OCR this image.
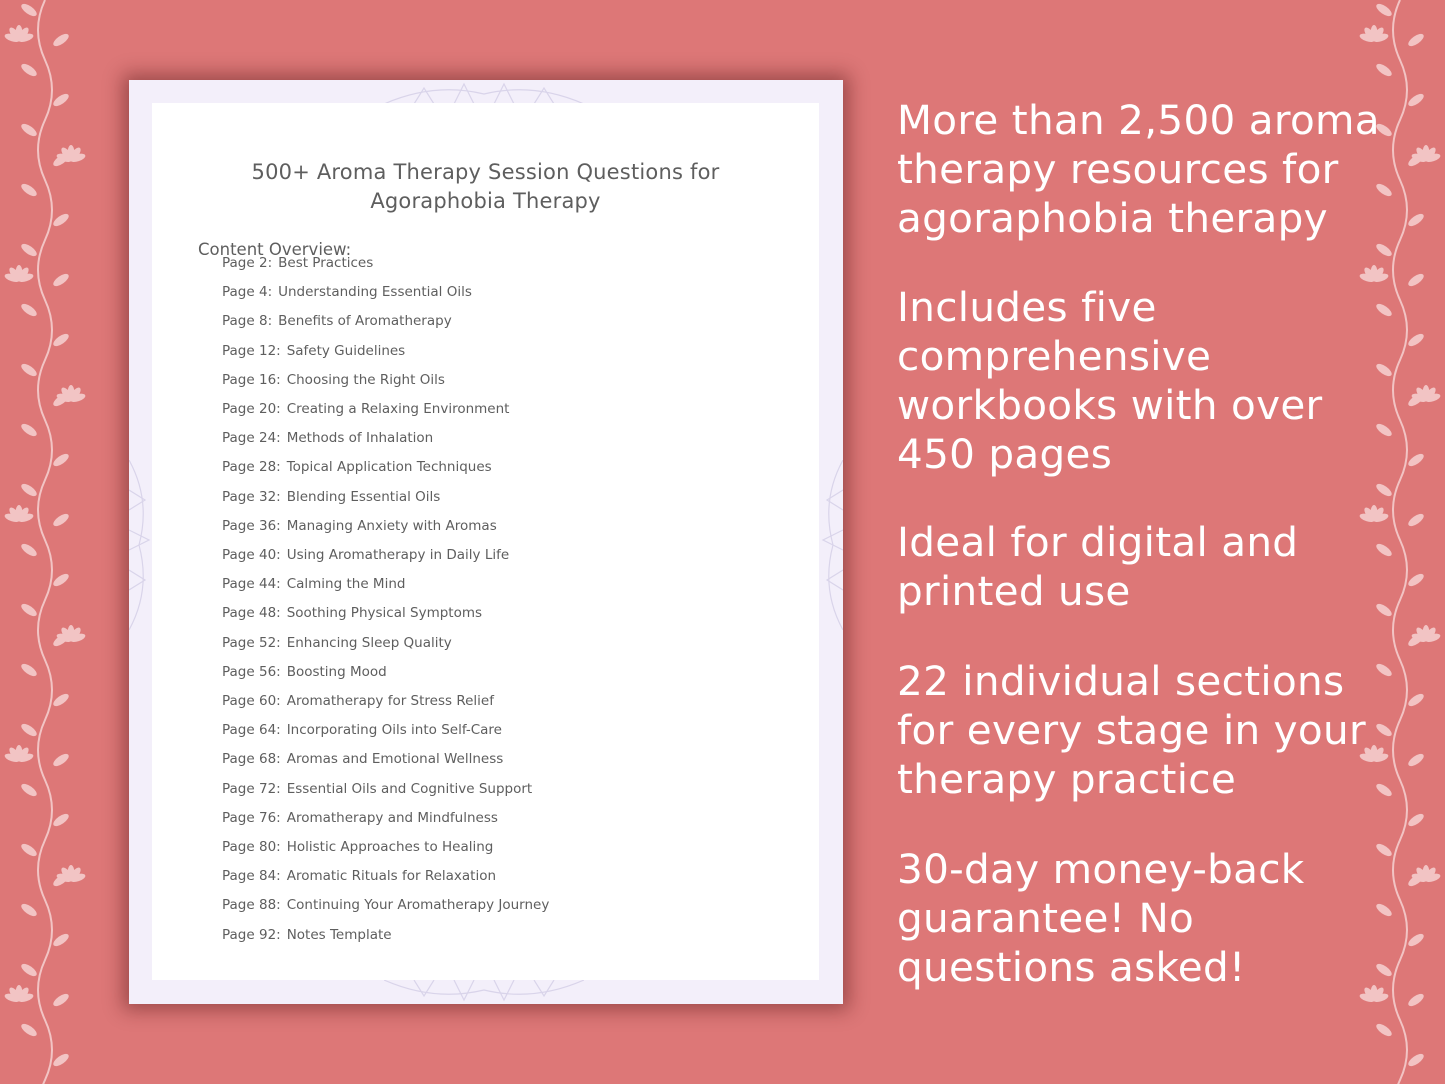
500+ Aroma Therapy Session Questions for
Agoraphobia Therapy
Content Overview:
Page 2: Best Practices
Page 4: Understanding Essential Oils
Page 8: Benefits of Aromatherapy
Page 12: Safety Guidelines
Page 16: Choosing the Right Oils
Page 20: Creating a Relaxing Environment
Page 24: Methods of Inhalation
Page 28: Topical Application Techniques
Page 32: Blending Essential Oils
Page 36: Managing Anxiety with Aromas
Page 40: Using Aromatherapy in Daily Life
Page 44: Calming the Mind
Page 48: Soothing Physical Symptoms
Page 52: Enhancing Sleep Quality
Page 56: Boosting Mood
Page 60: Aromatherapy for Stress Relief
Page 64: Incorporating Oils into Self-Care
Page 68: Aromas and Emotional Wellness
Page 72: Essential Oils and Cognitive Support
Page 76: Aromatherapy and Mindfulness
Page 80: Holistic Approaches to Healing
Page 84: Aromatic Rituals for Relaxation
Page 88: Continuing Your Aromatherapy Journey
Page 92: Notes Template
More than 2,500 aroma
therapy resources for
agoraphobia therapy
Includes five
comprehensive
workbooks with over
450 pages
Ideal for digital and
printed use
22 individual sections
for every stage in your
therapy practice
30-day money-back
guarantee! No
questions asked!
